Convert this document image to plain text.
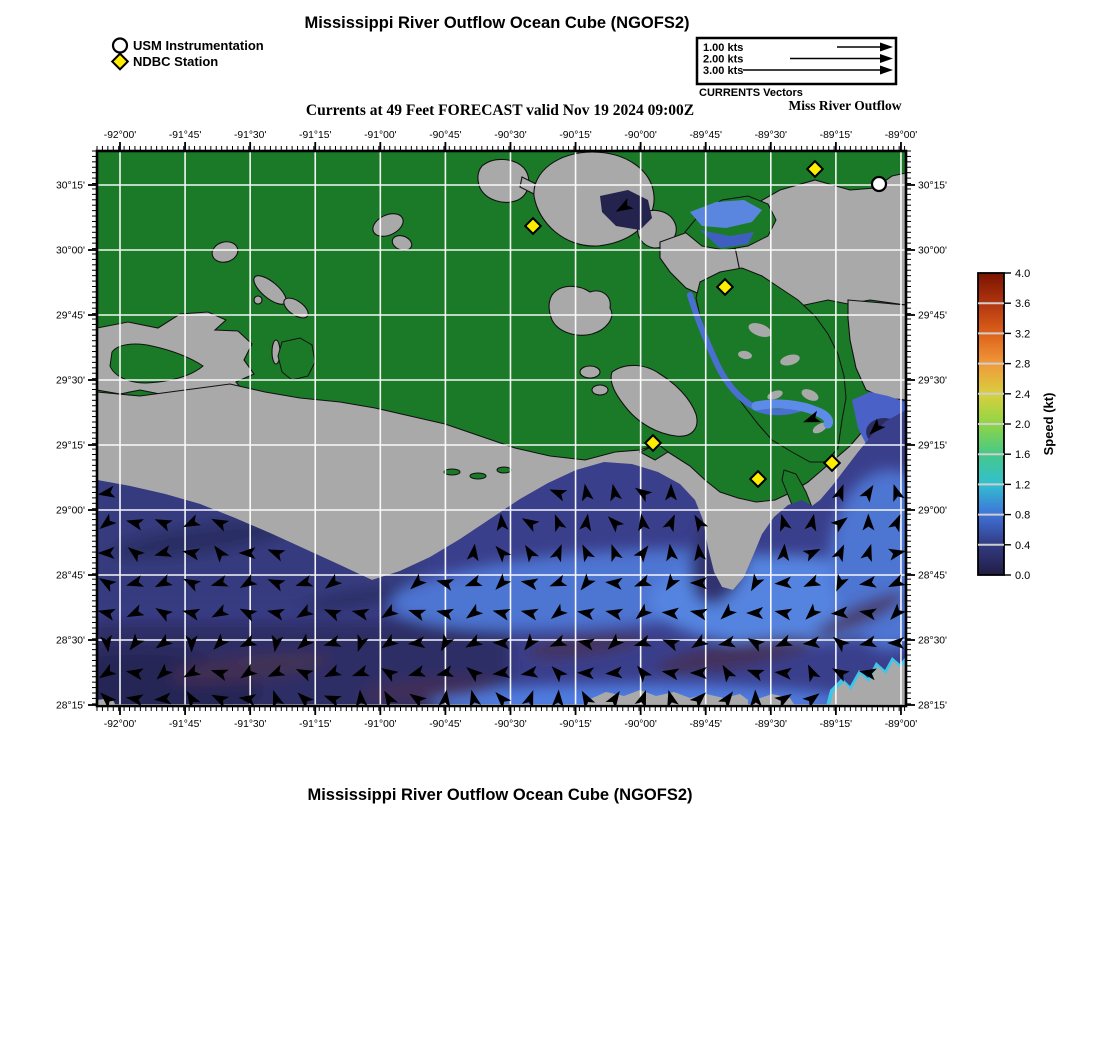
Mississippi River Outflow Ocean Cube (NGOFS2)
USM Instrumentation
NDBC Station
1.00 kts
2.00 kts
3.00 kts
CURRENTS Vectors
Miss River Outflow
Currents at 49 Feet FORECAST valid Nov 19 2024 09:00Z
-92°00'
-92°00'
-91°45'
-91°45'
-91°30'
-91°30'
-91°15'
-91°15'
-91°00'
-91°00'
-90°45'
-90°45'
-90°30'
-90°30'
-90°15'
-90°15'
-90°00'
-90°00'
-89°45'
-89°45'
-89°30'
-89°30'
-89°15'
-89°15'
-89°00'
-89°00'
30°15'	30°15'
30°00'	30°00'
29°45'	29°45'
29°30'	29°30'
29°15'	29°15'
29°00'	29°00'
28°45'	28°45'
28°30'	28°30'
28°15'	28°15'
4.0
3.6
3.2
2.8
2.4
2.0
1.6
1.2
0.8
0.4
0.0
Speed (kt)
Mississippi River Outflow Ocean Cube (NGOFS2)
